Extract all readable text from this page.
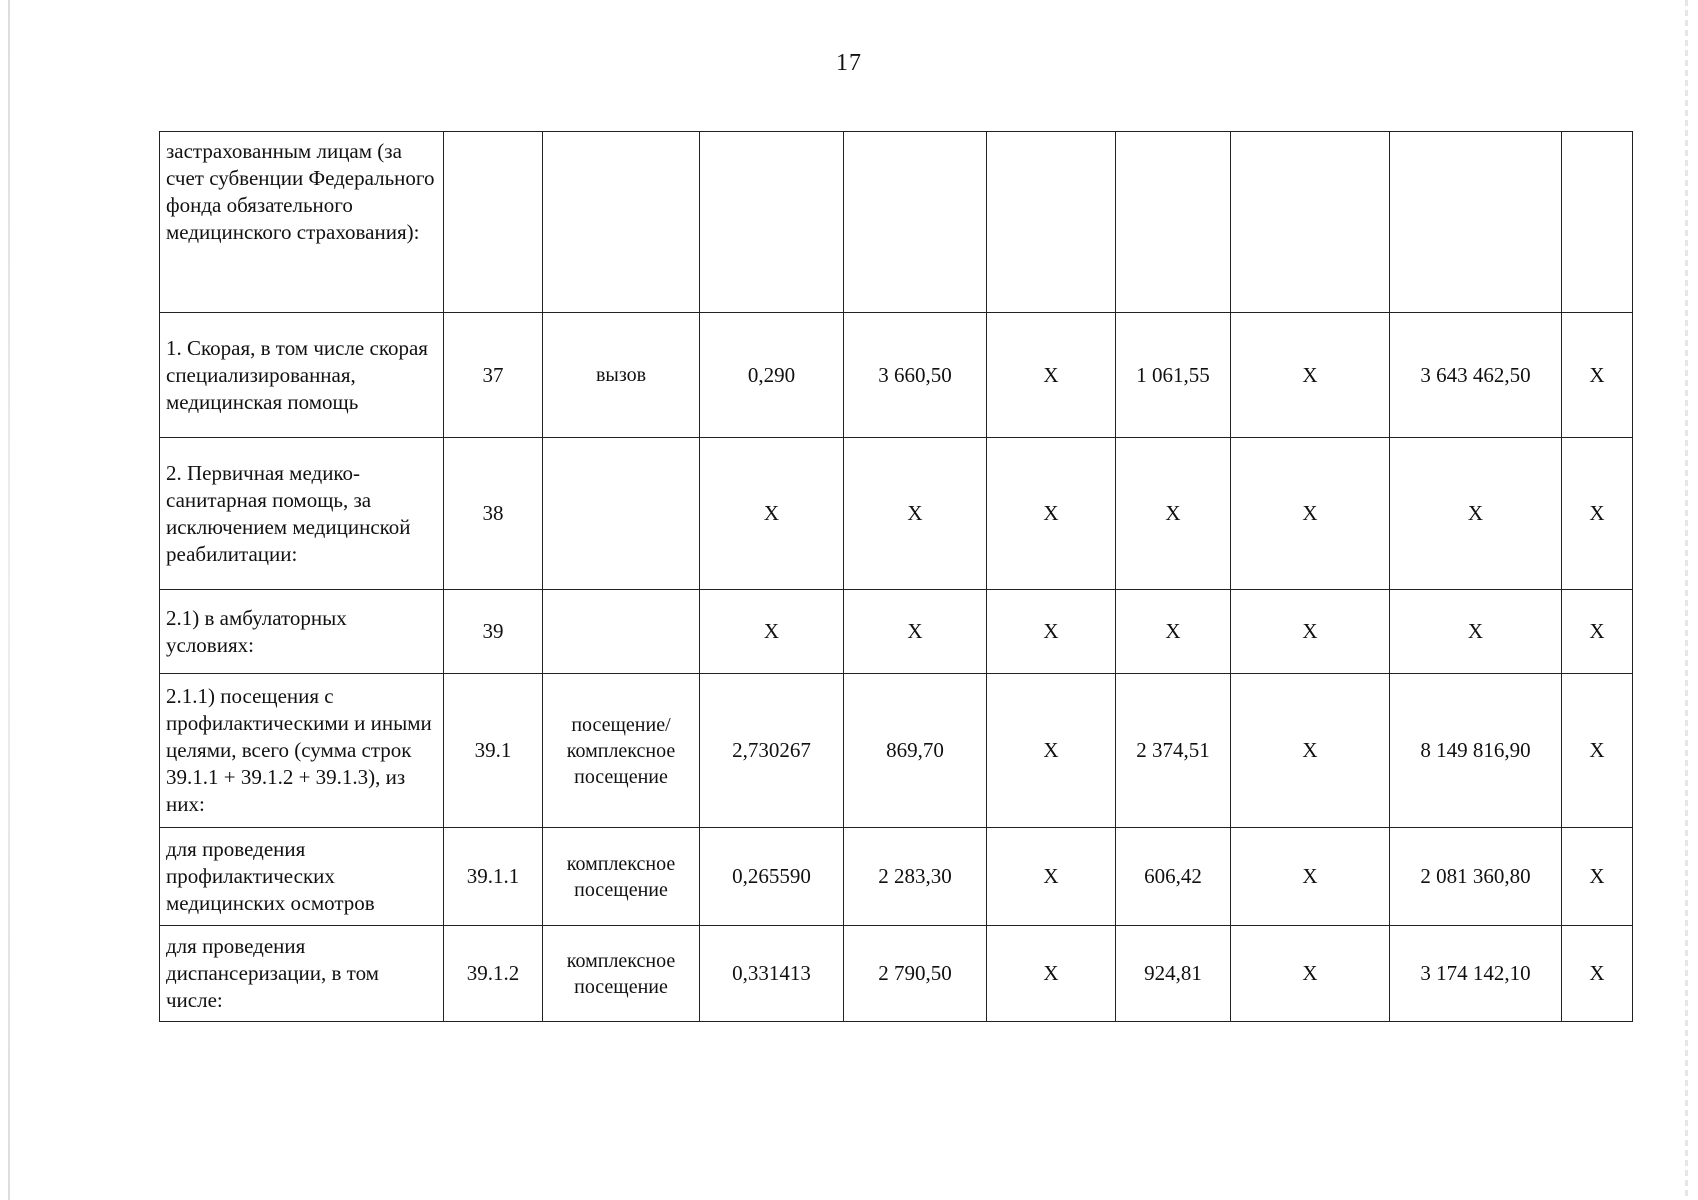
17
застрахованным лицам (за счет субвенции Федерального фонда обязательного медицинского страхования):									
1. Скорая, в том числе скорая специализированная, медицинская помощь	37	вызов	0,290	3 660,50	Х	1 061,55	Х	3 643 462,50	Х
2. Первичная медико-санитарная помощь, за исключением медицинской реабилитации:	38		Х	Х	Х	Х	Х	Х	Х
2.1) в амбулаторных условиях:	39		Х	Х	Х	Х	Х	Х	Х
2.1.1) посещения с профилактическими и иными целями, всего (сумма строк 39.1.1 + 39.1.2 + 39.1.3), из них:	39.1	посещение/ комплексное посещение	2,730267	869,70	Х	2 374,51	Х	8 149 816,90	Х
для проведения профилактических медицинских осмотров	39.1.1	комплексное посещение	0,265590	2 283,30	Х	606,42	Х	2 081 360,80	Х
для проведения диспансеризации, в том числе:	39.1.2	комплексное посещение	0,331413	2 790,50	Х	924,81	Х	3 174 142,10	Х
